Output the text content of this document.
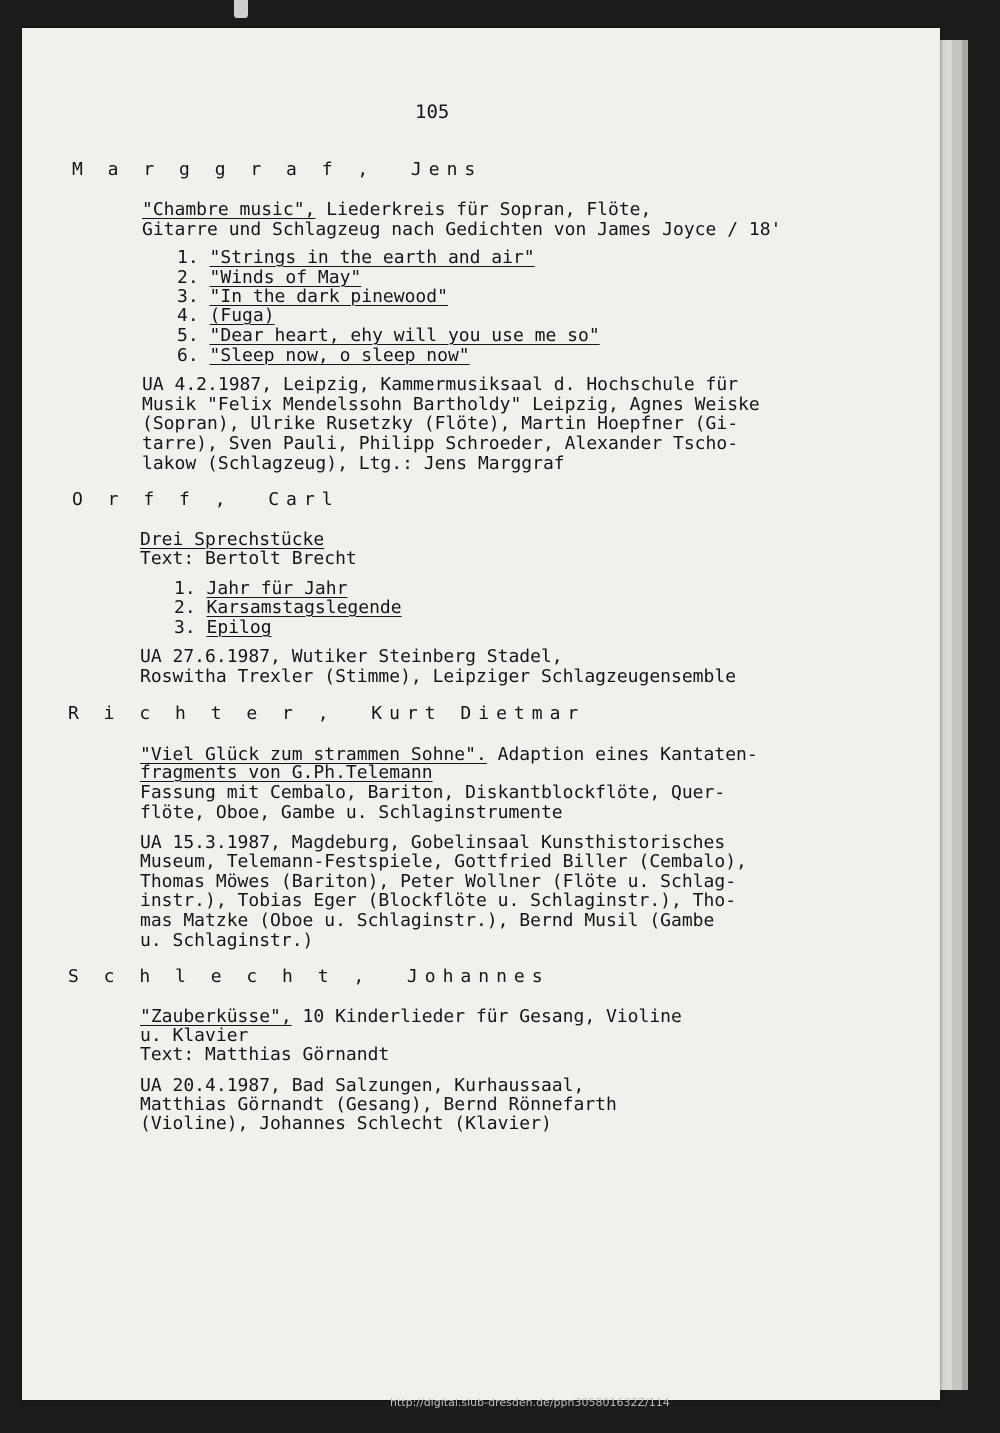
105
M a r g g r a f ,  Jens
"Chambre music", Liederkreis für Sopran, Flöte,
Gitarre und Schlagzeug nach Gedichten von James Joyce / 18'
1. "Strings in the earth and air"
2. "Winds of May"
3. "In the dark pinewood"
4. (Fuga)
5. "Dear heart, ehy will you use me so"
6. "Sleep now, o sleep now"
UA 4.2.1987, Leipzig, Kammermusiksaal d. Hochschule für
Musik "Felix Mendelssohn Bartholdy" Leipzig, Agnes Weiske
(Sopran), Ulrike Rusetzky (Flöte), Martin Hoepfner (Gi-
tarre), Sven Pauli, Philipp Schroeder, Alexander Tscho-
lakow (Schlagzeug), Ltg.: Jens Marggraf
O r f f ,  Carl
Drei Sprechstücke
Text: Bertolt Brecht
1. Jahr für Jahr
2. Karsamstagslegende
3. Epilog
UA 27.6.1987, Wutiker Steinberg Stadel,
Roswitha Trexler (Stimme), Leipziger Schlagzeugensemble
R i c h t e r ,  Kurt Dietmar
"Viel Glück zum strammen Sohne". Adaption eines Kantaten-
fragments von G.Ph.Telemann
Fassung mit Cembalo, Bariton, Diskantblockflöte, Quer-
flöte, Oboe, Gambe u. Schlaginstrumente
UA 15.3.1987, Magdeburg, Gobelinsaal Kunsthistorisches
Museum, Telemann-Festspiele, Gottfried Biller (Cembalo),
Thomas Möwes (Bariton), Peter Wollner (Flöte u. Schlag-
instr.), Tobias Eger (Blockflöte u. Schlaginstr.), Tho-
mas Matzke (Oboe u. Schlaginstr.), Bernd Musil (Gambe
u. Schlaginstr.)
S c h l e c h t ,  Johannes
"Zauberküsse", 10 Kinderlieder für Gesang, Violine
u. Klavier
Text: Matthias Görnandt
UA 20.4.1987, Bad Salzungen, Kurhaussaal,
Matthias Görnandt (Gesang), Bernd Rönnefarth
(Violine), Johannes Schlecht (Klavier)
http://digital.slub-dresden.de/ppn305801632Z/114
